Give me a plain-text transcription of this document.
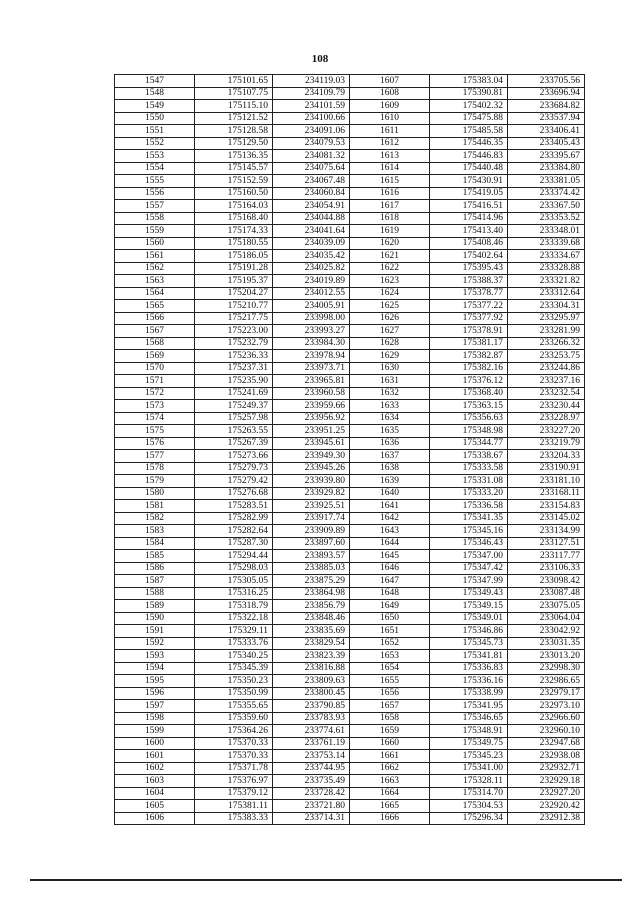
108
1547	175101.65	234119.03	1607	175383.04	233705.56
1548	175107.75	234109.79	1608	175390.81	233696.94
1549	175115.10	234101.59	1609	175402.32	233684.82
1550	175121.52	234100.66	1610	175475.88	233537.94
1551	175128.58	234091.06	1611	175485.58	233406.41
1552	175129.50	234079.53	1612	175446.35	233405.43
1553	175136.35	234081.32	1613	175446.83	233395.67
1554	175145.57	234075.64	1614	175440.48	233384.80
1555	175152.59	234067.48	1615	175430.91	233381.05
1556	175160.50	234060.84	1616	175419.05	233374.42
1557	175164.03	234054.91	1617	175416.51	233367.50
1558	175168.40	234044.88	1618	175414.96	233353.52
1559	175174.33	234041.64	1619	175413.40	233348.01
1560	175180.55	234039.09	1620	175408.46	233339.68
1561	175186.05	234035.42	1621	175402.64	233334.67
1562	175191.28	234025.82	1622	175395.43	233328.88
1563	175195.37	234019.89	1623	175388.37	233321.82
1564	175204.27	234012.55	1624	175378.77	233312.64
1565	175210.77	234005.91	1625	175377.22	233304.31
1566	175217.75	233998.00	1626	175377.92	233295.97
1567	175223.00	233993.27	1627	175378.91	233281.99
1568	175232.79	233984.30	1628	175381.17	233266.32
1569	175236.33	233978.94	1629	175382.87	233253.75
1570	175237.31	233973.71	1630	175382.16	233244.86
1571	175235.90	233965.81	1631	175376.12	233237.16
1572	175241.69	233960.58	1632	175368.40	233232.54
1573	175249.37	233959.66	1633	175363.15	233230.44
1574	175257.98	233956.92	1634	175356.63	233228.97
1575	175263.55	233951.25	1635	175348.98	233227.20
1576	175267.39	233945.61	1636	175344.77	233219.79
1577	175273.66	233949.30	1637	175338.67	233204.33
1578	175279.73	233945.26	1638	175333.58	233190.91
1579	175279.42	233939.80	1639	175331.08	233181.10
1580	175276.68	233929.82	1640	175333.20	233168.11
1581	175283.51	233925.51	1641	175336.58	233154.83
1582	175282.99	233917.74	1642	175341.35	233145.02
1583	175282.64	233909.89	1643	175345.16	233134.99
1584	175287.30	233897.60	1644	175346.43	233127.51
1585	175294.44	233893.57	1645	175347.00	233117.77
1586	175298.03	233885.03	1646	175347.42	233106.33
1587	175305.05	233875.29	1647	175347.99	233098.42
1588	175316.25	233864.98	1648	175349.43	233087.48
1589	175318.79	233856.79	1649	175349.15	233075.05
1590	175322.18	233848.46	1650	175349.01	233064.04
1591	175329.11	233835.69	1651	175346.86	233042.92
1592	175333.76	233829.54	1652	175345.73	233031.35
1593	175340.25	233823.39	1653	175341.81	233013.20
1594	175345.39	233816.88	1654	175336.83	232998.30
1595	175350.23	233809.63	1655	175336.16	232986.65
1596	175350.99	233800.45	1656	175338.99	232979.17
1597	175355.65	233790.85	1657	175341.95	232973.10
1598	175359.60	233783.93	1658	175346.65	232966.60
1599	175364.26	233774.61	1659	175348.91	232960.10
1600	175370.33	233761.19	1660	175349.75	232947.68
1601	175370.33	233753.14	1661	175345.23	232938.08
1602	175371.78	233744.95	1662	175341.00	232932.71
1603	175376.97	233735.49	1663	175328.11	232929.18
1604	175379.12	233728.42	1664	175314.70	232927.20
1605	175381.11	233721.80	1665	175304.53	232920.42
1606	175383.33	233714.31	1666	175296.34	232912.38
